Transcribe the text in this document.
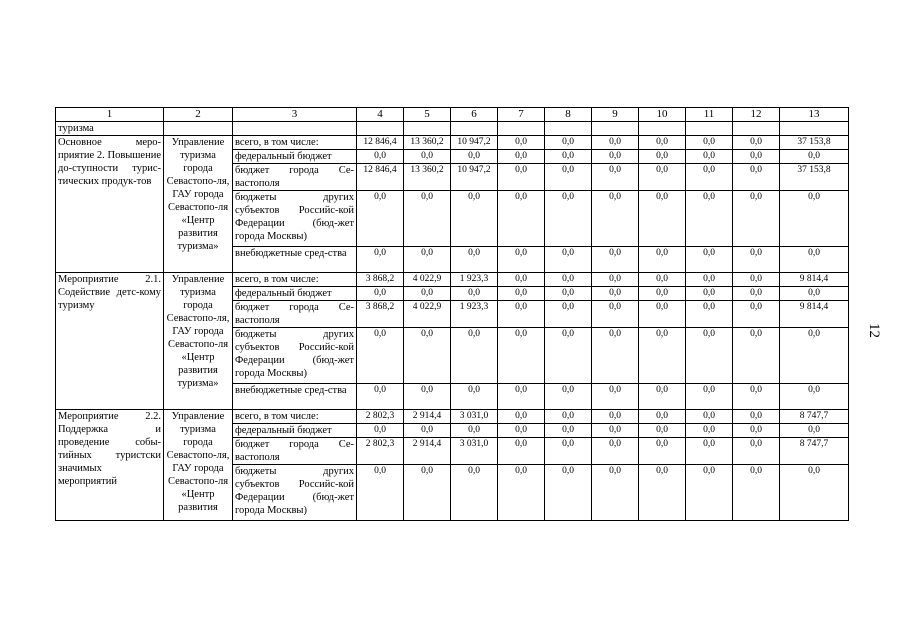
1	2	3	4	5	6	7	8	9	10	11	12	13
туризма												
Основное меро-приятие 2. Повышение до-ступности турис-тических продук-тов	Управление туризма города Севастопо-ля, ГАУ города Севастопо-ля «Центр развития туризма»	всего, в том числе:	12 846,4	13 360,2	10 947,2	0,0	0,0	0,0	0,0	0,0	0,0	37 153,8
		федеральный бюджет	0,0	0,0	0,0	0,0	0,0	0,0	0,0	0,0	0,0	0,0
		бюджет города Се-вастополя	12 846,4	13 360,2	10 947,2	0,0	0,0	0,0	0,0	0,0	0,0	37 153,8
		бюджеты других субъектов Российс-кой Федерации (бюд-жет города Москвы)	0,0	0,0	0,0	0,0	0,0	0,0	0,0	0,0	0,0	0,0
		внебюджетные сред-ства	0,0	0,0	0,0	0,0	0,0	0,0	0,0	0,0	0,0	0,0
Мероприятие 2.1. Содействие детс-кому туризму	Управление туризма города Севастопо-ля, ГАУ города Севастопо-ля «Центр развития туризма»	всего, в том числе:	3 868,2	4 022,9	1 923,3	0,0	0,0	0,0	0,0	0,0	0,0	9 814,4
		федеральный бюджет	0,0	0,0	0,0	0,0	0,0	0,0	0,0	0,0	0,0	0,0
		бюджет города Се-вастополя	3 868,2	4 022,9	1 923,3	0,0	0,0	0,0	0,0	0,0	0,0	9 814,4
		бюджеты других субъектов Российс-кой Федерации (бюд-жет города Москвы)	0,0	0,0	0,0	0,0	0,0	0,0	0,0	0,0	0,0	0,0
		внебюджетные сред-ства	0,0	0,0	0,0	0,0	0,0	0,0	0,0	0,0	0,0	0,0
Мероприятие 2.2. Поддержка и проведение собы-тийных туристски значимых мероприятий	Управление туризма города Севастопо-ля, ГАУ города Севастопо-ля «Центр развития	всего, в том числе:	2 802,3	2 914,4	3 031,0	0,0	0,0	0,0	0,0	0,0	0,0	8 747,7
		федеральный бюджет	0,0	0,0	0,0	0,0	0,0	0,0	0,0	0,0	0,0	0,0
		бюджет города Се-вастополя	2 802,3	2 914,4	3 031,0	0,0	0,0	0,0	0,0	0,0	0,0	8 747,7
		бюджеты других субъектов Российс-кой Федерации (бюд-жет города Москвы)	0,0	0,0	0,0	0,0	0,0	0,0	0,0	0,0	0,0	0,0
12
